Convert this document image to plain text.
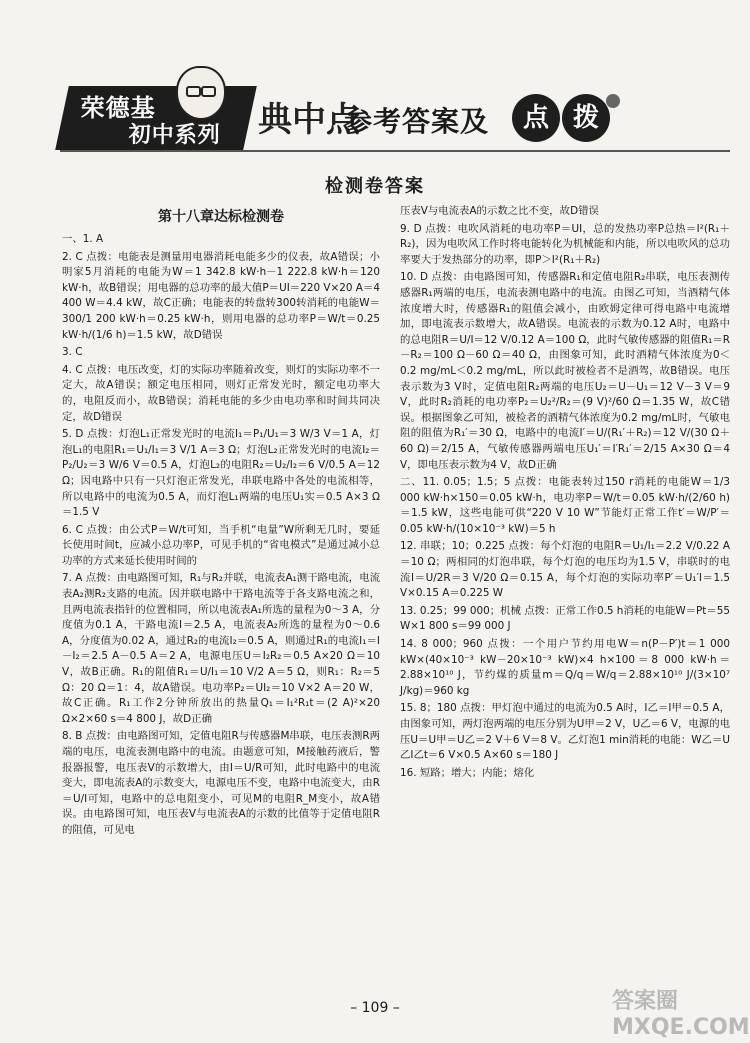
荣德基
初中系列 典中点
参考答案及	点 拨
检测卷答案
第十八章达标检测卷

一、1. A

2. C 点拨：电能表是测量用电器消耗电能多少的仪表，故A错误；小明家5月消耗的电能为W＝1 342.8 kW·h－1 222.8 kW·h＝120 kW·h，故B错误；用电器的总功率的最大值P＝UI＝220 V×20 A＝4 400 W＝4.4 kW，故C正确；电能表的转盘转300转消耗的电能W＝300/1 200 kW·h＝0.25 kW·h，则用电器的总功率P＝W/t＝0.25 kW·h/(1/6 h)＝1.5 kW，故D错误

3. C

4. C 点拨：电压改变，灯的实际功率随着改变，则灯的实际功率不一定大，故A错误；额定电压相同，则灯正常发光时，额定电功率大的，电阻反而小，故B错误；消耗电能的多少由电功率和时间共同决定，故D错误

5. D 点拨：灯泡L₁正常发光时的电流I₁＝P₁/U₁＝3 W/3 V＝1 A，灯泡L₁的电阻R₁＝U₁/I₁＝3 V/1 A＝3 Ω；灯泡L₂正常发光时的电流I₂＝P₂/U₂＝3 W/6 V＝0.5 A，灯泡L₂的电阻R₂＝U₂/I₂＝6 V/0.5 A＝12 Ω；因电路中只有一只灯泡正常发光，串联电路中各处的电流相等，所以电路中的电流为0.5 A，而灯泡L₁两端的电压U₁实＝0.5 A×3 Ω＝1.5 V

6. C 点拨：由公式P＝W/t可知，当手机“电量”W所剩无几时，要延长使用时间t，应减小总功率P，可见手机的“省电模式”是通过减小总功率的方式来延长使用时间的

7. A 点拨：由电路图可知，R₁与R₂并联，电流表A₁测干路电流，电流表A₂测R₂支路的电流。因并联电路中干路电流等于各支路电流之和，且两电流表指针的位置相同，所以电流表A₁所选的量程为0～3 A，分度值为0.1 A，干路电流I＝2.5 A，电流表A₂所选的量程为0～0.6 A，分度值为0.02 A，通过R₂的电流I₂＝0.5 A，则通过R₁的电流I₁＝I－I₂＝2.5 A－0.5 A＝2 A，电源电压U＝I₂R₂＝0.5 A×20 Ω＝10 V，故B正确。R₁的阻值R₁＝U/I₁＝10 V/2 A＝5 Ω，则R₁：R₂＝5 Ω：20 Ω＝1：4，故A错误。电功率P₂＝UI₂＝10 V×2 A＝20 W，故C正确。R₁工作2分钟所放出的热量Q₁＝I₁²R₁t＝(2 A)²×20 Ω×2×60 s＝4 800 J，故D正确

8. B 点拨：由电路图可知，定值电阻R与传感器M串联，电压表测R两端的电压，电流表测电路中的电流。由题意可知，M接触药液后，警报器报警，电压表V的示数增大，由I＝U/R可知，此时电路中的电流变大，即电流表A的示数变大，电源电压不变，电路中电流变大，由R＝U/I可知，电路中的总电阻变小，可见M的电阻R_M变小，故A错误。由电路图可知，电压表V与电流表A的示数的比值等于定值电阻R的阻值，可见电

压表V与电流表A的示数之比不变，故D错误

9. D 点拨：电吹风消耗的电功率P＝UI，总的发热功率P总热＝I²(R₁＋R₂)，因为电吹风工作时将电能转化为机械能和内能，所以电吹风的总功率要大于发热部分的功率，即P＞I²(R₁＋R₂)

10. D 点拨：由电路图可知，传感器R₁和定值电阻R₂串联，电压表测传感器R₁两端的电压，电流表测电路中的电流。由图乙可知，当酒精气体浓度增大时，传感器R₁的阻值会减小，由欧姆定律可得电路中电流增加，即电流表示数增大，故A错误。电流表的示数为0.12 A时，电路中的总电阻R＝U/I＝12 V/0.12 A＝100 Ω，此时气敏传感器的阻值R₁＝R－R₂＝100 Ω－60 Ω＝40 Ω，由图象可知，此时酒精气体浓度为0＜0.2 mg/mL＜0.2 mg/mL，所以此时被检者不是酒驾，故B错误。电压表示数为3 V时，定值电阻R₂两端的电压U₂＝U－U₁＝12 V－3 V＝9 V，此时R₂消耗的电功率P₂＝U₂²/R₂＝(9 V)²/60 Ω＝1.35 W，故C错误。根据图象乙可知，被检者的酒精气体浓度为0.2 mg/mL时，气敏电阻的阻值为R₁′＝30 Ω，电路中的电流I′＝U/(R₁′＋R₂)＝12 V/(30 Ω＋60 Ω)＝2/15 A，气敏传感器两端电压U₁′＝I′R₁′＝2/15 A×30 Ω＝4 V，即电压表示数为4 V，故D正确

二、11. 0.05；1.5；5 点拨：电能表转过150 r消耗的电能W＝1/3 000 kW·h×150＝0.05 kW·h，电功率P＝W/t＝0.05 kW·h/(2/60 h)＝1.5 kW，这些电能可供“220 V 10 W”节能灯正常工作t′＝W/P′＝0.05 kW·h/(10×10⁻³ kW)＝5 h

12. 串联；10；0.225 点拨：每个灯泡的电阻R＝U₁/I₁＝2.2 V/0.22 A＝10 Ω；两相同的灯泡串联，每个灯泡的电压均为1.5 V，串联时的电流I＝U/2R＝3 V/20 Ω＝0.15 A，每个灯泡的实际功率P′＝U₁′I＝1.5 V×0.15 A＝0.225 W

13. 0.25；99 000；机械 点拨：正常工作0.5 h消耗的电能W＝Pt＝55 W×1 800 s＝99 000 J

14. 8 000；960 点拨：一个用户节约用电W＝n(P－P′)t＝1 000 kW×(40×10⁻³ kW－20×10⁻³ kW)×4 h×100＝8 000 kW·h＝2.88×10¹⁰ J，节约煤的质量m＝Q/q＝W/q＝2.88×10¹⁰ J/(3×10⁷ J/kg)＝960 kg

15. 8；180 点拨：甲灯泡中通过的电流为0.5 A时，I乙＝I甲＝0.5 A，由图象可知，两灯泡两端的电压分别为U甲＝2 V，U乙＝6 V，电源的电压U＝U甲＝U乙＝2 V＋6 V＝8 V。乙灯泡1 min消耗的电能：W乙＝U乙I乙t＝6 V×0.5 A×60 s＝180 J

16. 短路；增大；内能；熔化

– 109 –	答案圈 MXQE.COM
